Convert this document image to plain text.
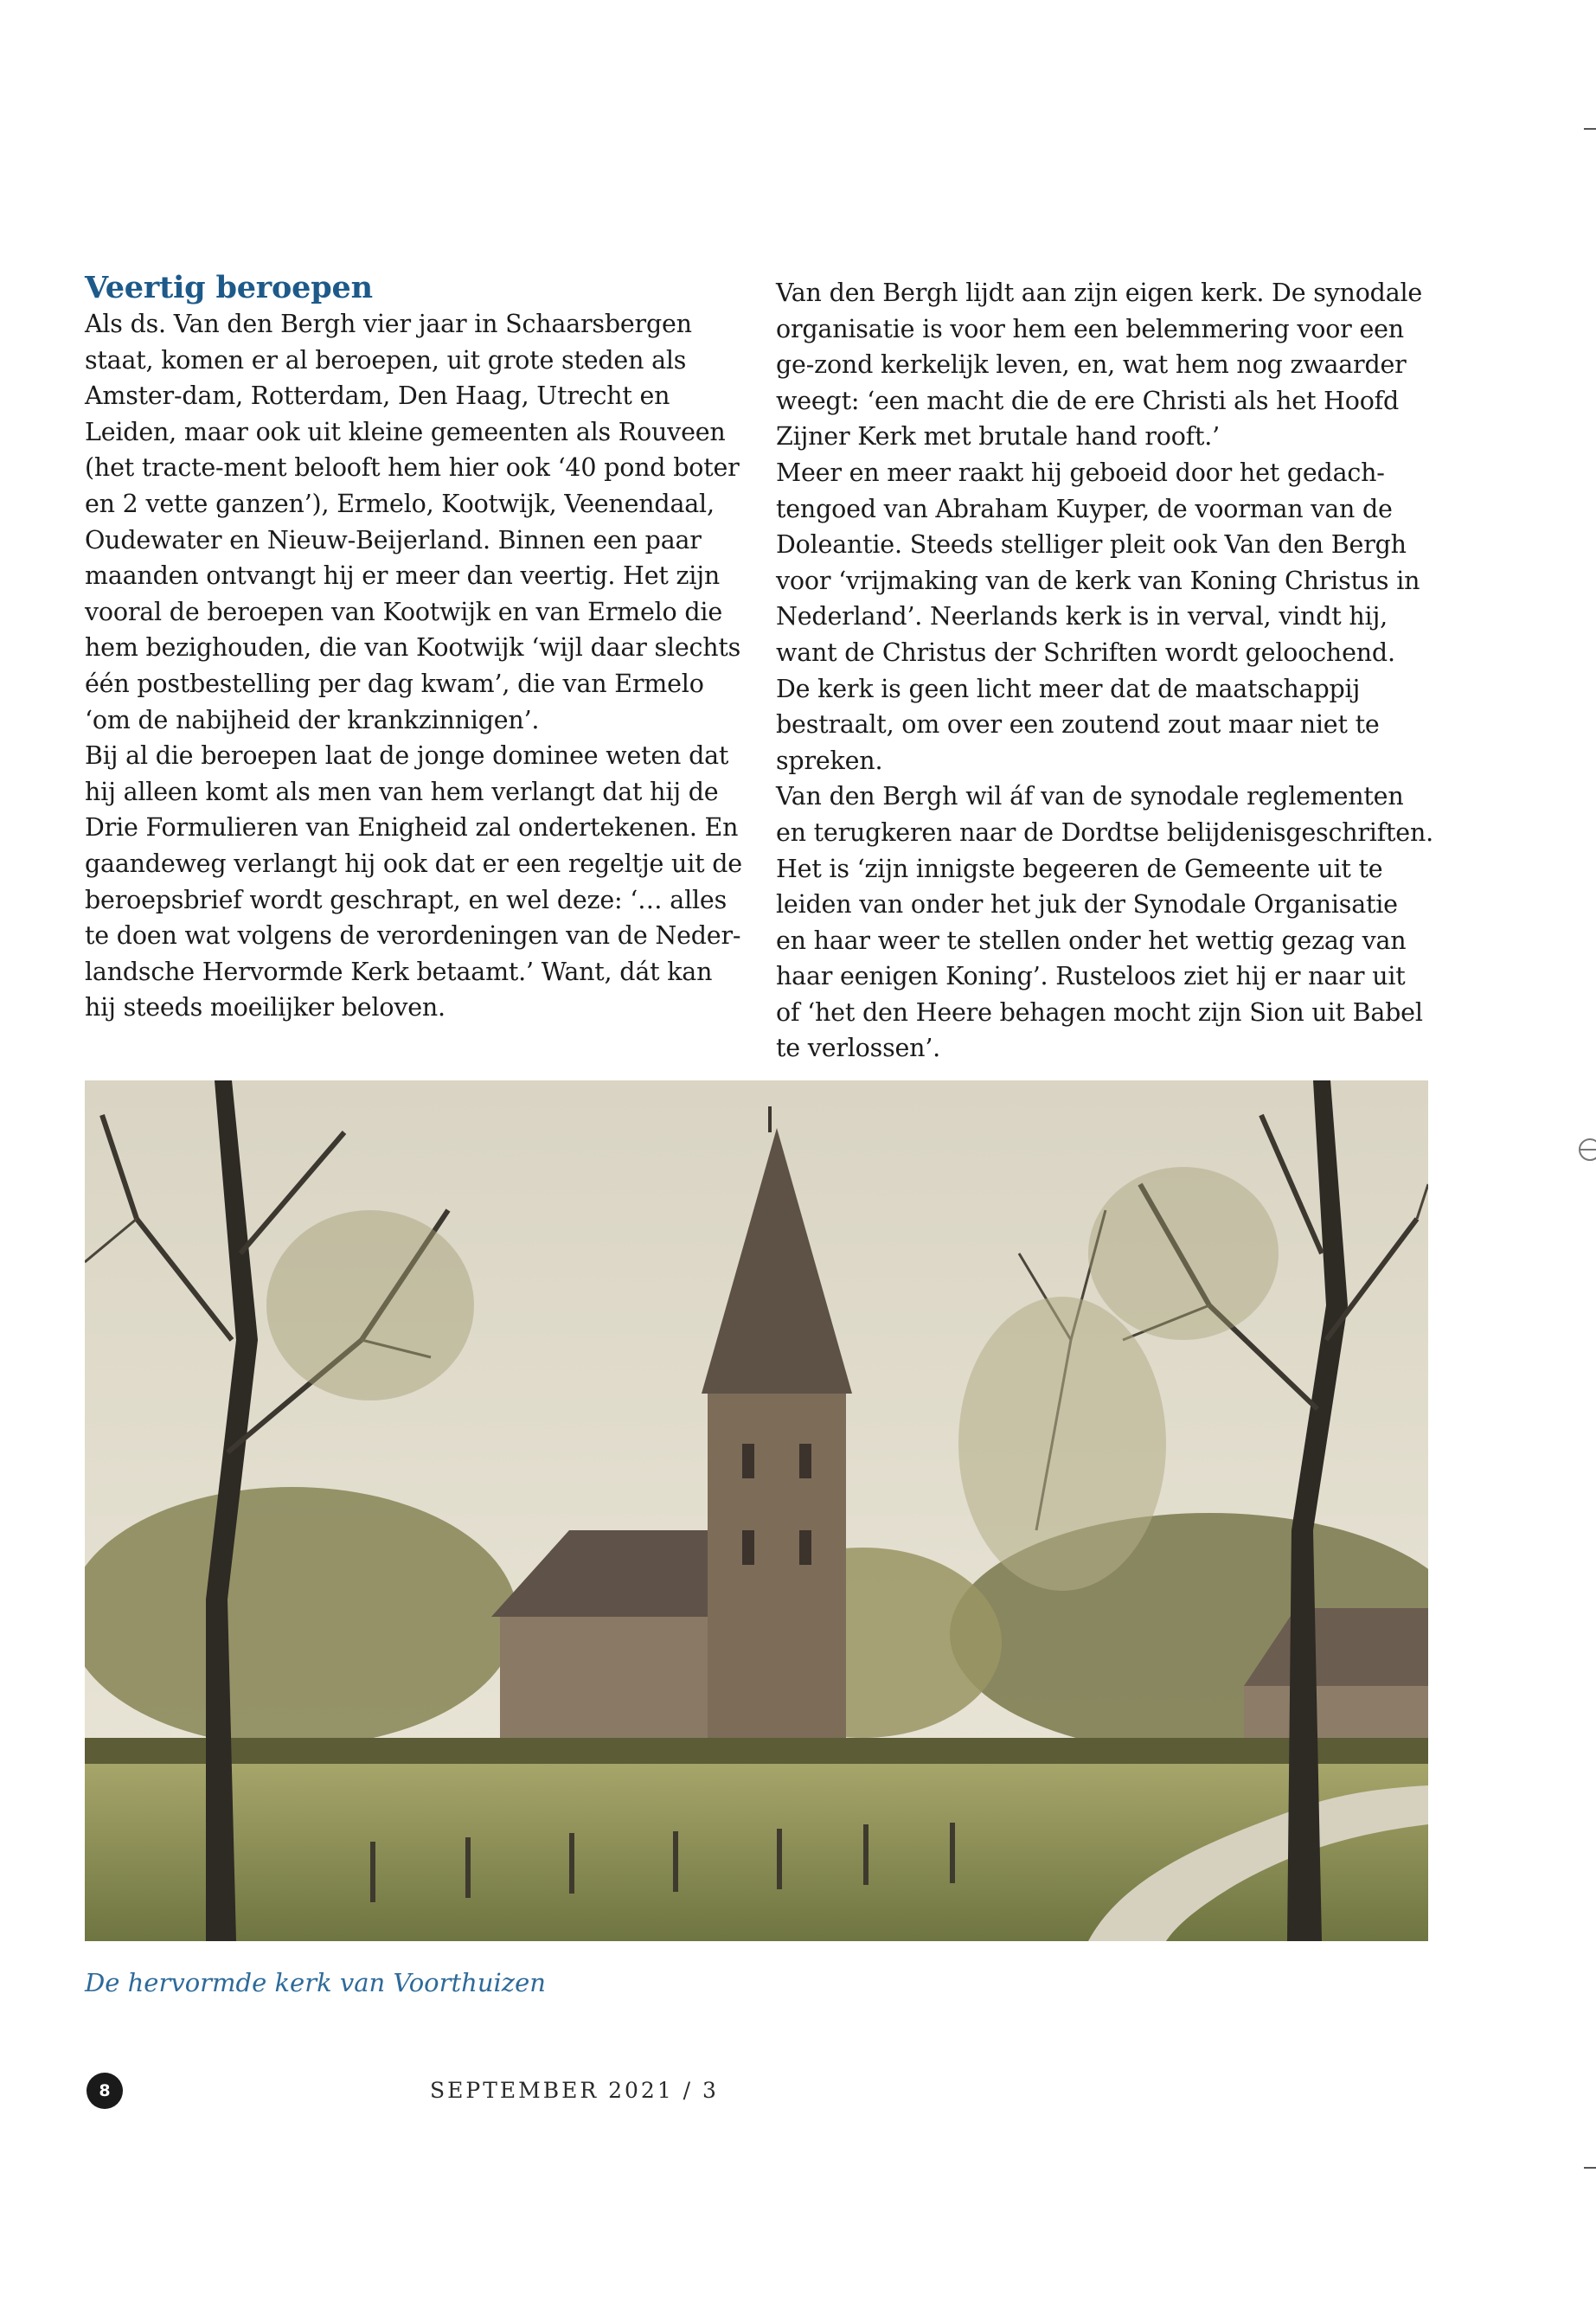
Veertig beroepen

Als ds. Van den Bergh vier jaar in Schaarsbergen staat, komen er al beroepen, uit grote steden als Amster-dam, Rotterdam, Den Haag, Utrecht en Leiden, maar ook uit kleine gemeenten als Rouveen (het tracte-ment belooft hem hier ook ‘40 pond boter en 2 vette ganzen’), Ermelo, Kootwijk, Veenendaal, Oudewater en Nieuw-Beijerland. Binnen een paar maanden ontvangt hij er meer dan veertig. Het zijn vooral de beroepen van Kootwijk en van Ermelo die hem bezighouden, die van Kootwijk ‘wijl daar slechts één postbestelling per dag kwam’, die van Ermelo ‘om de nabijheid der krankzinnigen’.

Bij al die beroepen laat de jonge dominee weten dat hij alleen komt als men van hem verlangt dat hij de Drie Formulieren van Enigheid zal ondertekenen. En gaandeweg verlangt hij ook dat er een regeltje uit de beroepsbrief wordt geschrapt, en wel deze: ‘… alles te doen wat volgens de verordeningen van de Neder-landsche Hervormde Kerk betaamt.’ Want, dát kan hij steeds moeilijker beloven.

Van den Bergh lijdt aan zijn eigen kerk. De synodale organisatie is voor hem een belemmering voor een ge-zond kerkelijk leven, en, wat hem nog zwaarder weegt: ‘een macht die de ere Christi als het Hoofd Zijner Kerk met brutale hand rooft.’

Meer en meer raakt hij geboeid door het gedach-tengoed van Abraham Kuyper, de voorman van de Doleantie. Steeds stelliger pleit ook Van den Bergh voor ‘vrijmaking van de kerk van Koning Christus in Nederland’. Neerlands kerk is in verval, vindt hij, want de Christus der Schriften wordt geloochend. De kerk is geen licht meer dat de maatschappij bestraalt, om over een zoutend zout maar niet te spreken.

Van den Bergh wil áf van de synodale reglementen en terugkeren naar de Dordtse belijdenisgeschriften. Het is ‘zijn innigste begeeren de Gemeente uit te leiden van onder het juk der Synodale Organisatie en haar weer te stellen onder het wettig gezag van haar eenigen Koning’. Rusteloos ziet hij er naar uit of ‘het den Heere behagen mocht zijn Sion uit Babel te verlossen’.

De hervormde kerk van Voorthuizen
8	SEPTEMBER 2021 / 3
